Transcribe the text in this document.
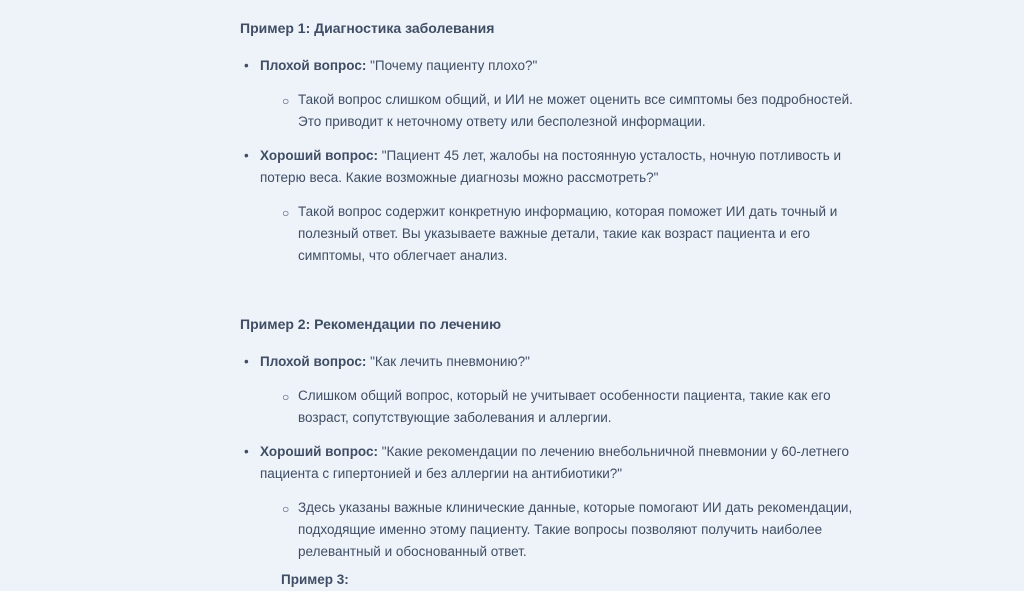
Пример 1: Диагностика заболевания
• Плохой вопрос: "Почему пациенту плохо?"
○ Такой вопрос слишком общий, и ИИ не может оценить все симптомы без подробностей. Это приводит к неточному ответу или бесполезной информации.
• Хороший вопрос: "Пациент 45 лет, жалобы на постоянную усталость, ночную потливость и потерю веса. Какие возможные диагнозы можно рассмотреть?"
○ Такой вопрос содержит конкретную информацию, которая поможет ИИ дать точный и полезный ответ. Вы указываете важные детали, такие как возраст пациента и его симптомы, что облегчает анализ.
Пример 2: Рекомендации по лечению
• Плохой вопрос: "Как лечить пневмонию?"
○ Слишком общий вопрос, который не учитывает особенности пациента, такие как его возраст, сопутствующие заболевания и аллергии.
• Хороший вопрос: "Какие рекомендации по лечению внебольничной пневмонии у 60-летнего пациента с гипертонией и без аллергии на антибиотики?"
○ Здесь указаны важные клинические данные, которые помогают ИИ дать рекомендации, подходящие именно этому пациенту. Такие вопросы позволяют получить наиболее релевантный и обоснованный ответ.
Пример 3:
